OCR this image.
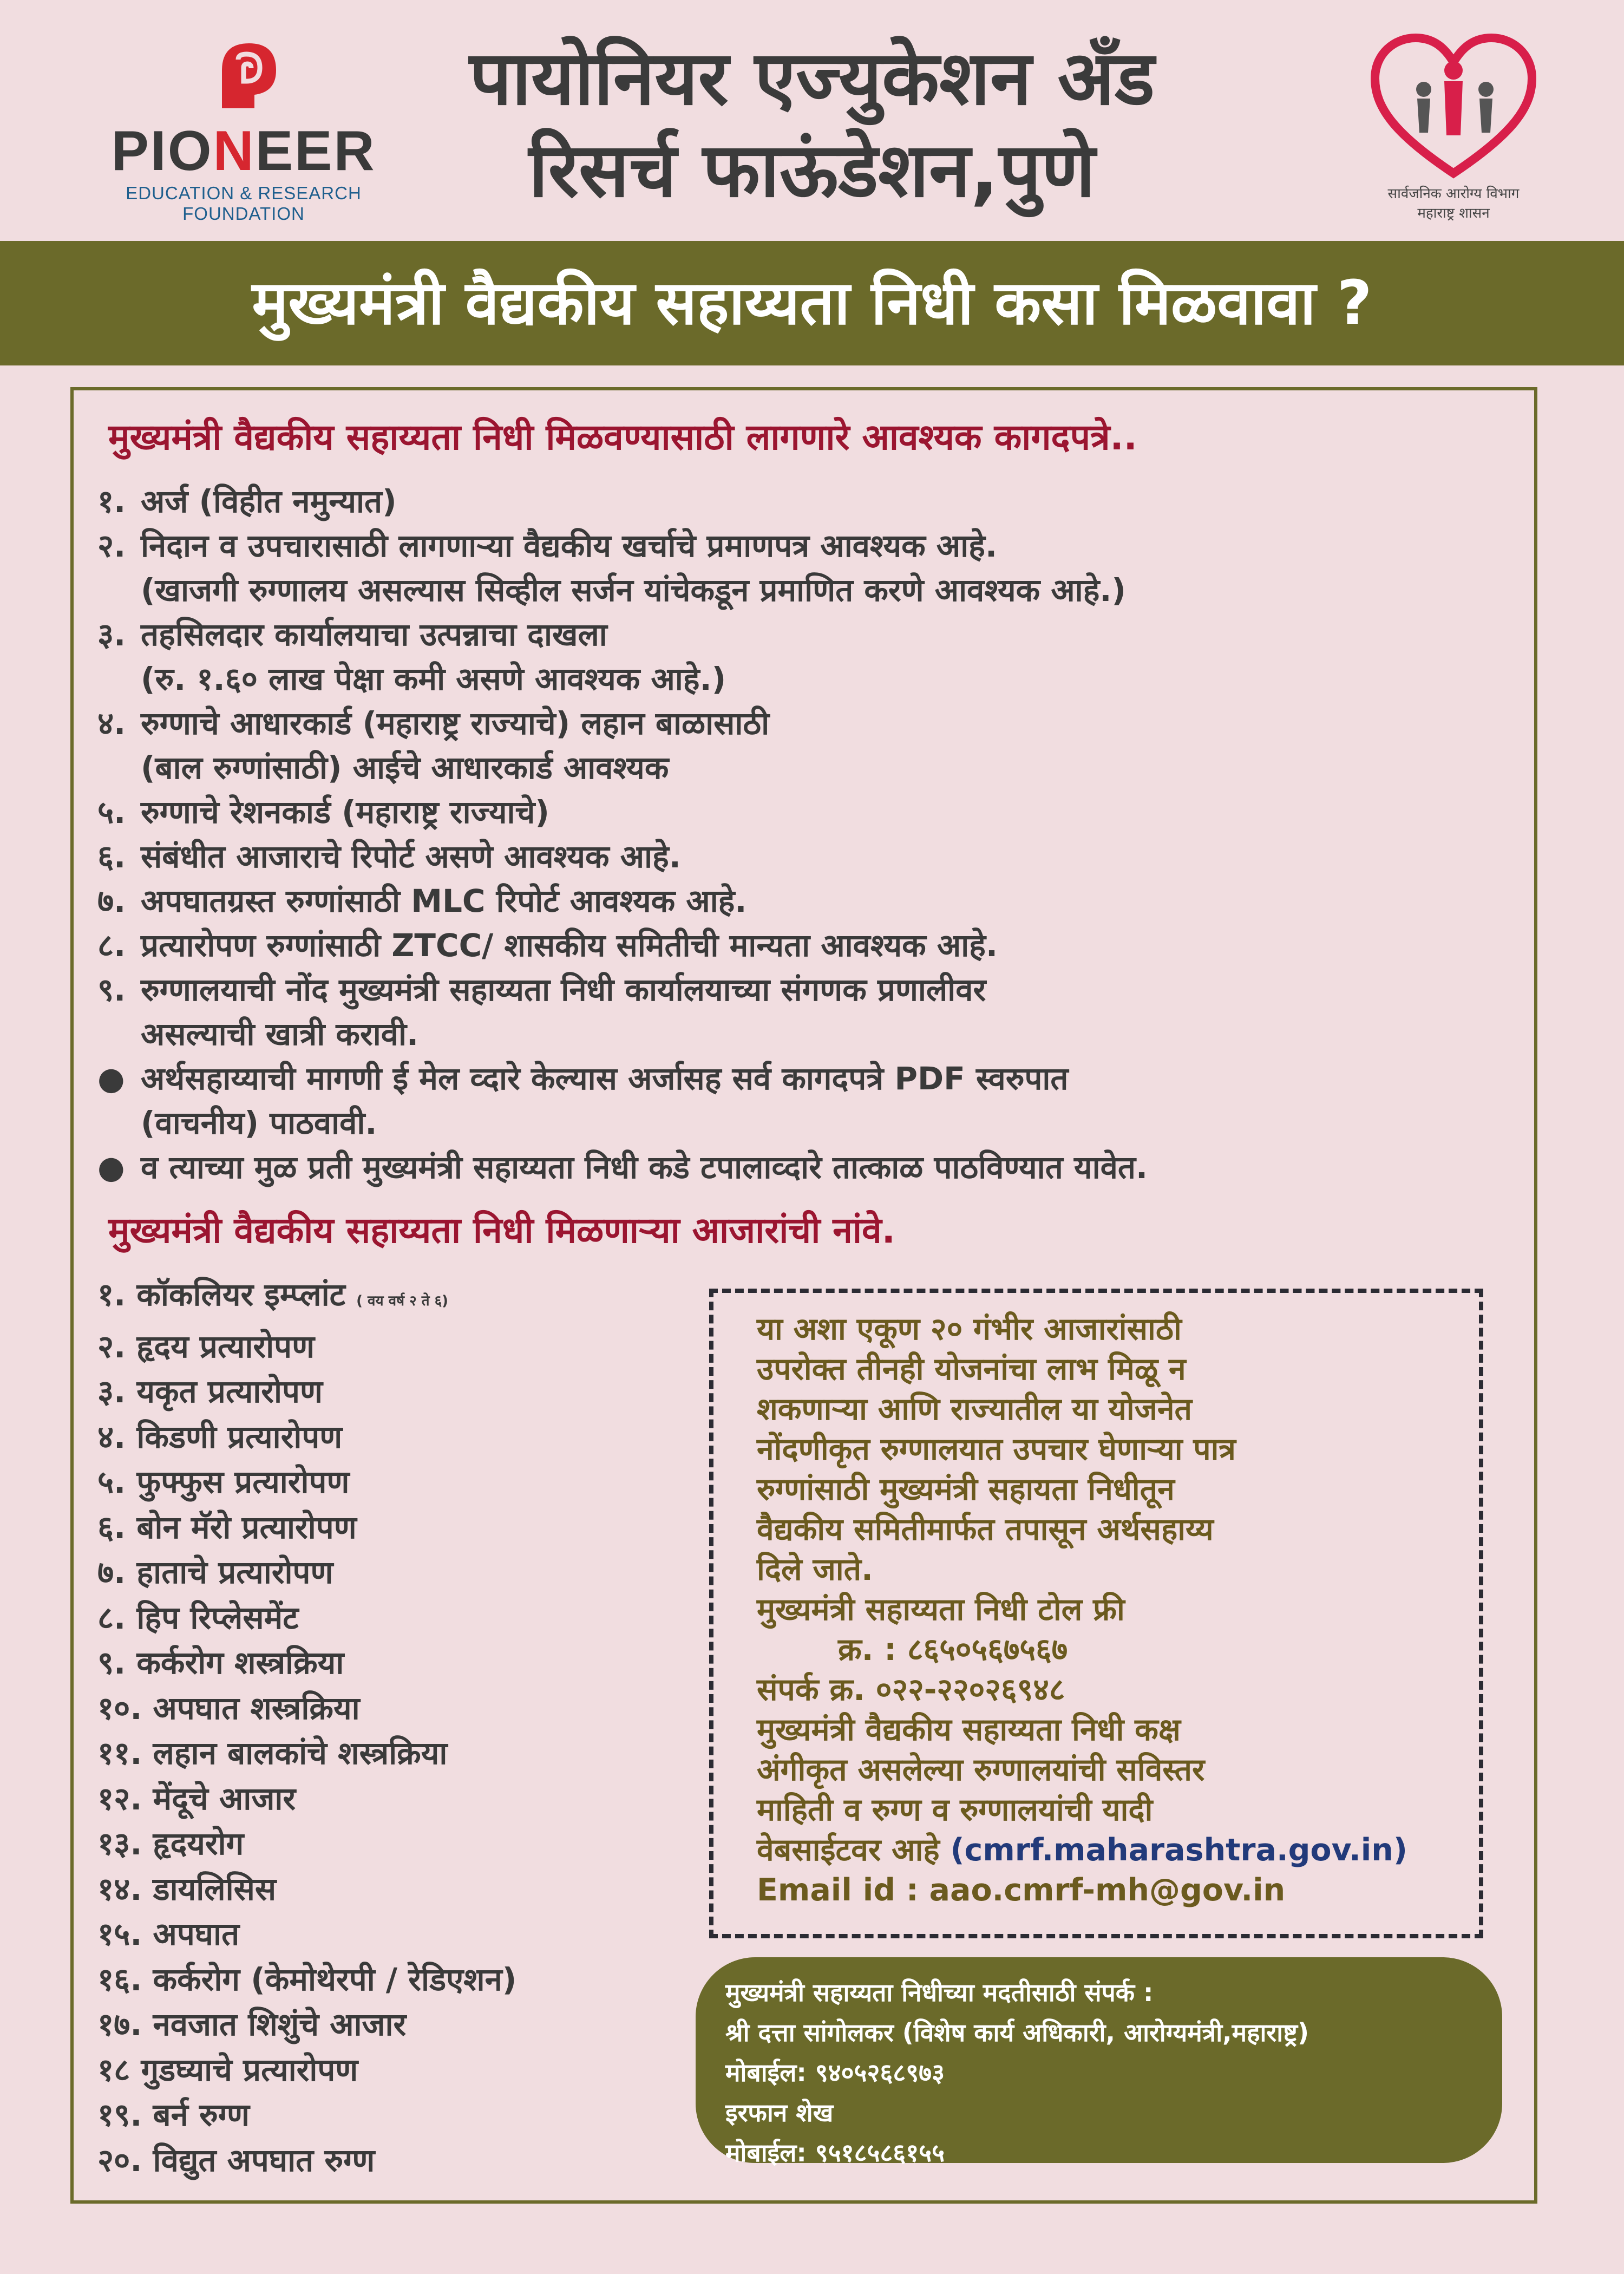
PIONEER
EDUCATION & RESEARCH FOUNDATION
पायोनियर एज्युकेशन अँड
रिसर्च फाऊंडेशन,पुणे	सार्वजनिक आरोग्य विभाग
महाराष्ट्र शासन
मुख्यमंत्री वैद्यकीय सहाय्यता निधी कसा मिळवावा ?
मुख्यमंत्री वैद्यकीय सहाय्यता निधी मिळवण्यासाठी लागणारे आवश्यक कागदपत्रे..
१. अर्ज (विहीत नमुन्यात)
२. निदान व उपचारासाठी लागणाऱ्या वैद्यकीय खर्चाचे प्रमाणपत्र आवश्यक आहे.
(खाजगी रुग्णालय असल्यास सिव्हील सर्जन यांचेकडून प्रमाणित करणे आवश्यक आहे.)
३. तहसिलदार कार्यालयाचा उत्पन्नाचा दाखला
(रु. १.६० लाख पेक्षा कमी असणे आवश्यक आहे.)
४. रुग्णाचे आधारकार्ड (महाराष्ट्र राज्याचे) लहान बाळासाठी
(बाल रुग्णांसाठी) आईचे आधारकार्ड आवश्यक
५. रुग्णाचे रेशनकार्ड (महाराष्ट्र राज्याचे)
६. संबंधीत आजाराचे रिपोर्ट असणे आवश्यक आहे.
७. अपघातग्रस्त रुग्णांसाठी MLC रिपोर्ट आवश्यक आहे.
८. प्रत्यारोपण रुग्णांसाठी ZTCC/ शासकीय समितीची मान्यता आवश्यक आहे.
९. रुग्णालयाची नोंद मुख्यमंत्री सहाय्यता निधी कार्यालयाच्या संगणक प्रणालीवर
असल्याची खात्री करावी.
● अर्थसहाय्याची मागणी ई मेल व्दारे केल्यास अर्जासह सर्व कागदपत्रे PDF स्वरुपात
(वाचनीय) पाठवावी.
● व त्याच्या मुळ प्रती मुख्यमंत्री सहाय्यता निधी कडे टपालाव्दारे तात्काळ पाठविण्यात यावेत.
मुख्यमंत्री वैद्यकीय सहाय्यता निधी मिळणाऱ्या आजारांची नांवे.
१. कॉकलियर इम्प्लांट ( वय वर्ष २ ते ६)
२. हृदय प्रत्यारोपण
३. यकृत प्रत्यारोपण
४. किडणी प्रत्यारोपण
५. फुफ्फुस प्रत्यारोपण
६. बोन मॅरो प्रत्यारोपण
७. हाताचे प्रत्यारोपण
८. हिप रिप्लेसमेंट
९. कर्करोग शस्त्रक्रिया
१०. अपघात शस्त्रक्रिया
११. लहान बालकांचे शस्त्रक्रिया
१२. मेंदूचे आजार
१३. हृदयरोग
१४. डायलिसिस
१५. अपघात
१६. कर्करोग (केमोथेरपी / रेडिएशन)
१७. नवजात शिशुंचे आजार
१८ गुडघ्याचे प्रत्यारोपण
१९. बर्न रुग्ण
२०. विद्युत अपघात रुग्ण
या अशा एकूण २० गंभीर आजारांसाठी
उपरोक्त तीनही योजनांचा लाभ मिळू न
शकणाऱ्या आणि राज्यातील या योजनेत
नोंदणीकृत रुग्णालयात उपचार घेणाऱ्या पात्र
रुग्णांसाठी मुख्यमंत्री सहायता निधीतून
वैद्यकीय समितीमार्फत तपासून अर्थसहाय्य
दिले जाते.
मुख्यमंत्री सहाय्यता निधी टोल फ्री
क्र. : ८६५०५६७५६७
संपर्क क्र. ०२२-२२०२६९४८
मुख्यमंत्री वैद्यकीय सहाय्यता निधी कक्ष
अंगीकृत असलेल्या रुग्णालयांची सविस्तर
माहिती व रुग्ण व रुग्णालयांची यादी
वेबसाईटवर आहे (cmrf.maharashtra.gov.in)
Email id : aao.cmrf-mh@gov.in
मुख्यमंत्री सहाय्यता निधीच्या मदतीसाठी संपर्क :
श्री दत्ता सांगोलकर (विशेष कार्य अधिकारी, आरोग्यमंत्री,महाराष्ट्र)
मोबाईल: ९४०५२६८९७३
इरफान शेख
मोबाईल: ९५१८५८६१५५
